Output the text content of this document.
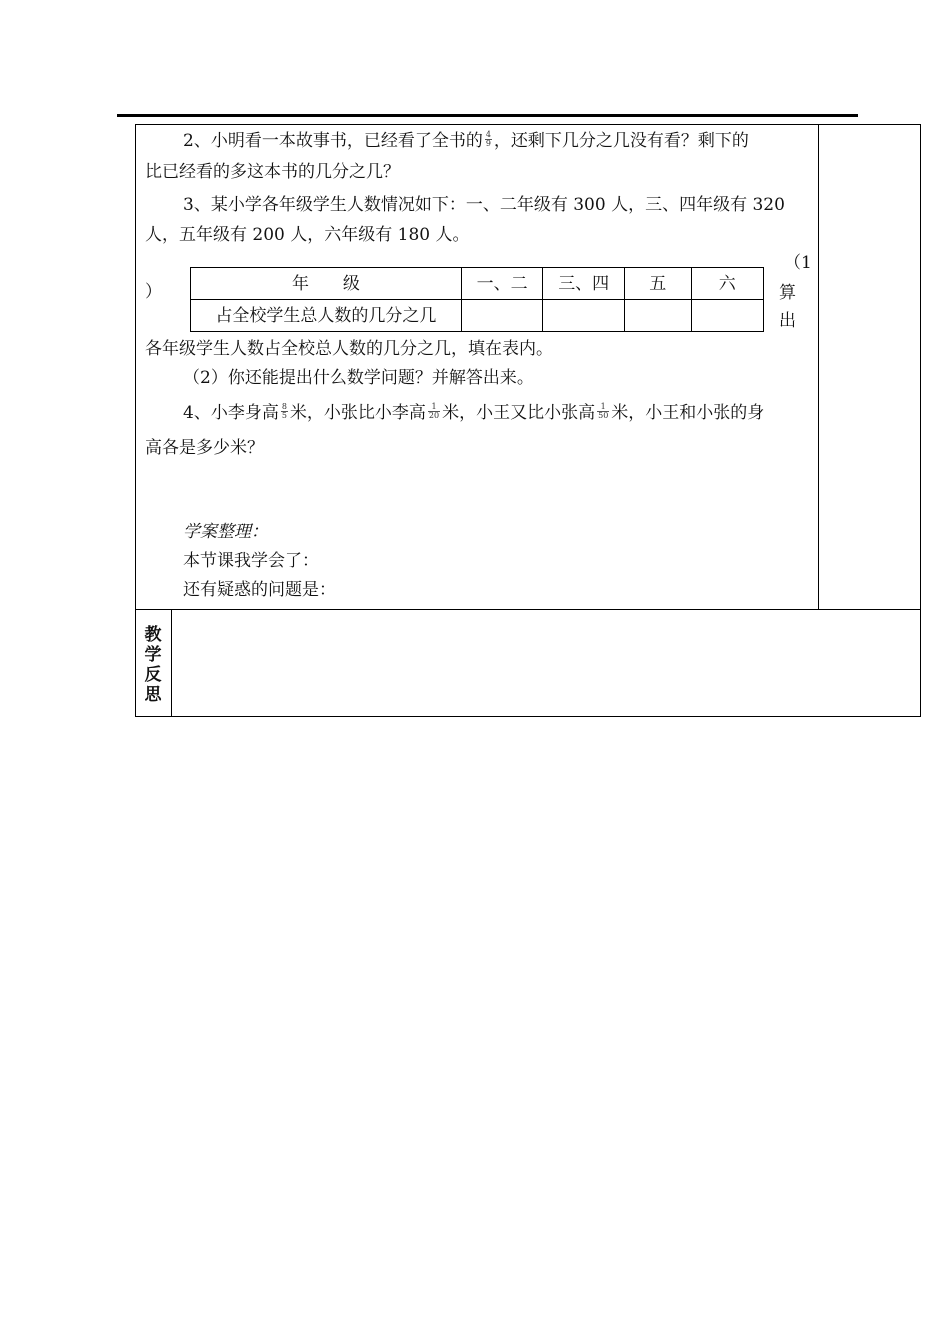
2、小明看一本故事书，已经看了全书的 $\frac{4}{9}$ ，还剩下几分之几没有看？剩下的
比已经看的多这本书的几分之几？
3、某小学各年级学生人数情况如下：一、二年级有 300 人，三、四年级有 320
人，五年级有 200 人，六年级有 180 人。
（1
）	算
出
年　　级	一、二	三、四	五	六
占全校学生总人数的几分之几				
各年级学生人数占全校总人数的几分之几，填在表内。
（2）你还能提出什么数学问题？并解答出来。
4、小李身高 $\frac{8}{5}$ 米，小张比小李高 $\frac{1}{20}$ 米，小王又比小张高 $\frac{1}{50}$ 米，小王和小张的身
高各是多少米？
学案整理：
本节课我学会了：
还有疑惑的问题是：
教
学
反
思
